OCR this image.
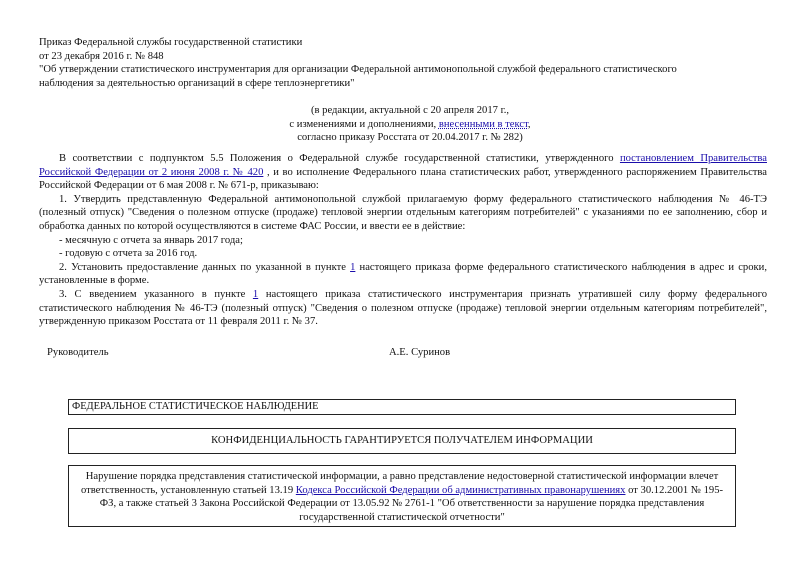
Приказ Федеральной службы государственной статистики
от 23 декабря 2016 г. № 848
"Об утверждении статистического инструментария для организации Федеральной антимонопольной службой федерального статистического
наблюдения за деятельностью организаций в сфере теплоэнергетики"
(в редакции, актуальной с 20 апреля 2017 г.,
с изменениями и дополнениями, внесенными в текст,
согласно приказу Росстата от 20.04.2017 г. № 282)

В соответствии с подпунктом 5.5 Положения о Федеральной службе государственной статистики, утвержденного постановлением Правительства Российской Федерации от 2 июня 2008 г. № 420 , и во исполнение Федерального плана статистических работ, утвержденного распоряжением Правительства Российской Федерации от 6 мая 2008 г. № 671-р, приказываю:

1. Утвердить представленную Федеральной антимонопольной службой прилагаемую форму федерального статистического наблюдения № 46-ТЭ (полезный отпуск) "Сведения о полезном отпуске (продаже) тепловой энергии отдельным категориям потребителей" с указаниями по ее заполнению, сбор и обработка данных по которой осуществляются в системе ФАС России, и ввести ее в действие:

- месячную с отчета за январь 2017 года;

- годовую с отчета за 2016 год.

2. Установить предоставление данных по указанной в пункте 1 настоящего приказа форме федерального статистического наблюдения в адрес и сроки, установленные в форме.

3. С введением указанного в пункте 1 настоящего приказа статистического инструментария признать утратившей силу форму федерального статистического наблюдения № 46-ТЭ (полезный отпуск) "Сведения о полезном отпуске (продаже) тепловой энергии отдельным категориям потребителей", утвержденную приказом Росстата от 11 февраля 2011 г. № 37.

Руководитель	А.Е. Суринов
ФЕДЕРАЛЬНОЕ СТАТИСТИЧЕСКОЕ НАБЛЮДЕНИЕ
КОНФИДЕНЦИАЛЬНОСТЬ ГАРАНТИРУЕТСЯ ПОЛУЧАТЕЛЕМ ИНФОРМАЦИИ
Нарушение порядка представления статистической информации, а равно представление недостоверной статистической информации влечет ответственность, установленную статьей 13.19 Кодекса Российской Федерации об административных правонарушениях от 30.12.2001 № 195-ФЗ, а также статьей 3 Закона Российской Федерации от 13.05.92 № 2761-1 "Об ответственности за нарушение порядка представления государственной статистической отчетности"
